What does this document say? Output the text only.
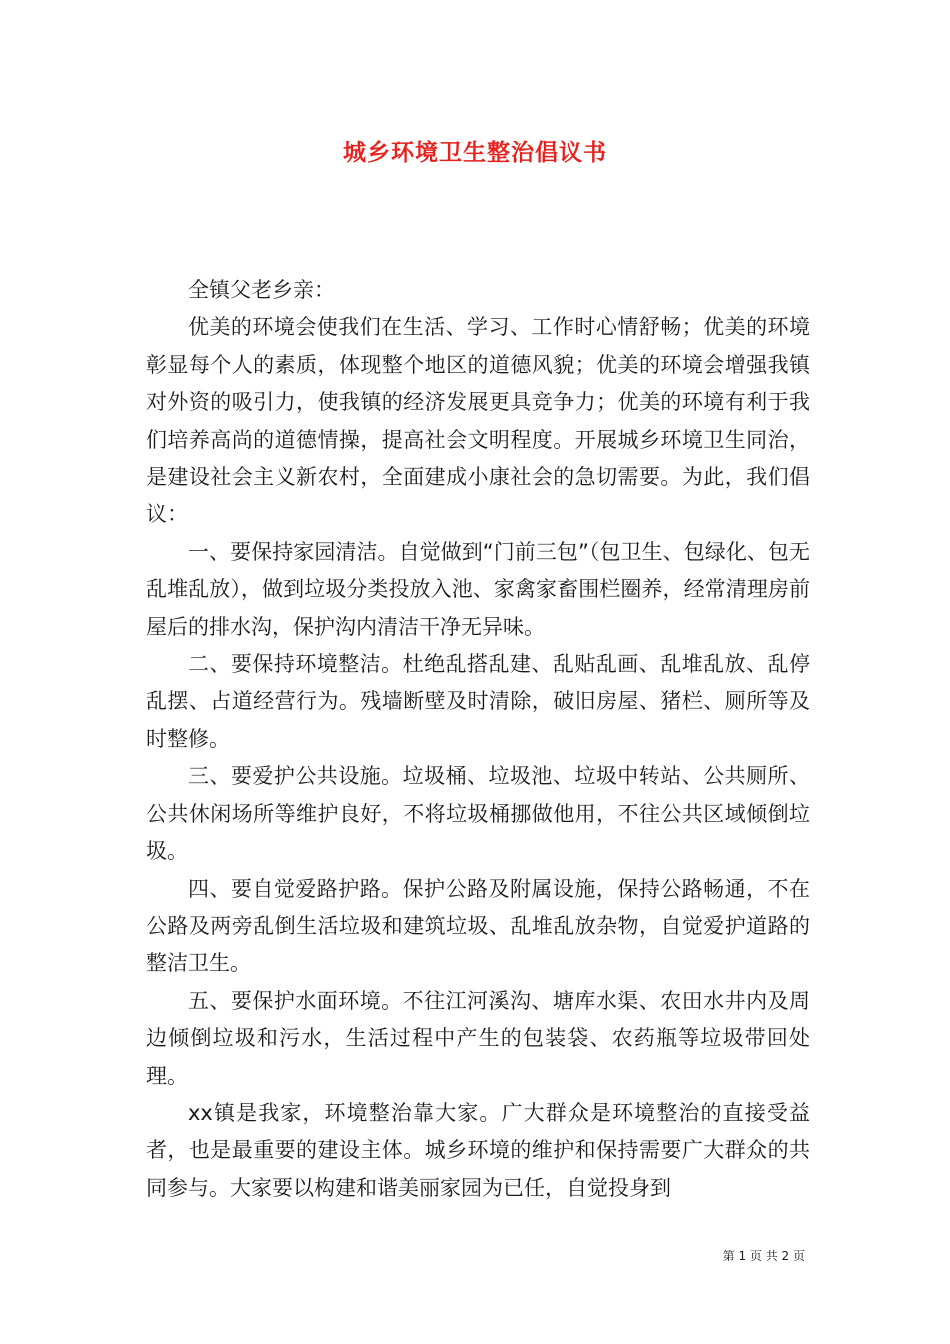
城乡环境卫生整治倡议书

全镇父老乡亲：

优美的环境会使我们在生活、学习、工作时心情舒畅；优美的环境彰显每个人的素质，体现整个地区的道德风貌；优美的环境会增强我镇对外资的吸引力，使我镇的经济发展更具竞争力；优美的环境有利于我们培养高尚的道德情操，提高社会文明程度。开展城乡环境卫生同治，是建设社会主义新农村，全面建成小康社会的急切需要。为此，我们倡议：

一、要保持家园清洁。自觉做到“门前三包”（包卫生、包绿化、包无乱堆乱放），做到垃圾分类投放入池、家禽家畜围栏圈养，经常清理房前屋后的排水沟，保护沟内清洁干净无异味。

二、要保持环境整洁。杜绝乱搭乱建、乱贴乱画、乱堆乱放、乱停乱摆、占道经营行为。残墙断壁及时清除，破旧房屋、猪栏、厕所等及时整修。

三、要爱护公共设施。垃圾桶、垃圾池、垃圾中转站、公共厕所、公共休闲场所等维护良好，不将垃圾桶挪做他用，不往公共区域倾倒垃圾。

四、要自觉爱路护路。保护公路及附属设施，保持公路畅通，不在公路及两旁乱倒生活垃圾和建筑垃圾、乱堆乱放杂物，自觉爱护道路的整洁卫生。

五、要保护水面环境。不往江河溪沟、塘库水渠、农田水井内及周边倾倒垃圾和污水，生活过程中产生的包装袋、农药瓶等垃圾带回处理。

xx镇是我家，环境整治靠大家。广大群众是环境整治的直接受益者，也是最重要的建设主体。城乡环境的维护和保持需要广大群众的共同参与。大家要以构建和谐美丽家园为已任，自觉投身到

第 1 页 共 2 页
